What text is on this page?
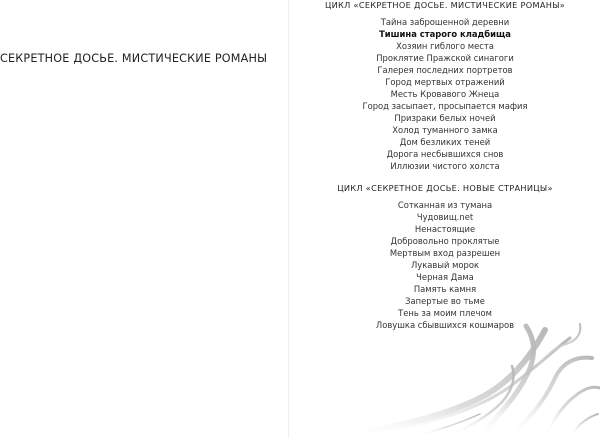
СЕКРЕТНОЕ ДОСЬЕ. МИСТИЧЕСКИЕ РОМАНЫ
ЦИКЛ «СЕКРЕТНОЕ ДОСЬЕ. МИСТИЧЕСКИЕ РОМАНЫ»
Тайна заброшенной деревни
Тишина старого кладбища
Хозяин гиблого места
Проклятие Пражской синагоги
Галерея последних портретов
Город мертвых отражений
Месть Кровавого Жнеца
Город засыпает, просыпается мафия
Призраки белых ночей
Холод туманного замка
Дом безликих теней
Дорога несбывшихся снов
Иллюзии чистого холста
ЦИКЛ «СЕКРЕТНОЕ ДОСЬЕ. НОВЫЕ СТРАНИЦЫ»
Сотканная из тумана
Чудовищ.net
Ненастоящие
Добровольно проклятые
Мертвым вход разрешен
Лукавый морок
Черная Дама
Память камня
Запертые во тьме
Тень за моим плечом
Ловушка сбывшихся кошмаров
